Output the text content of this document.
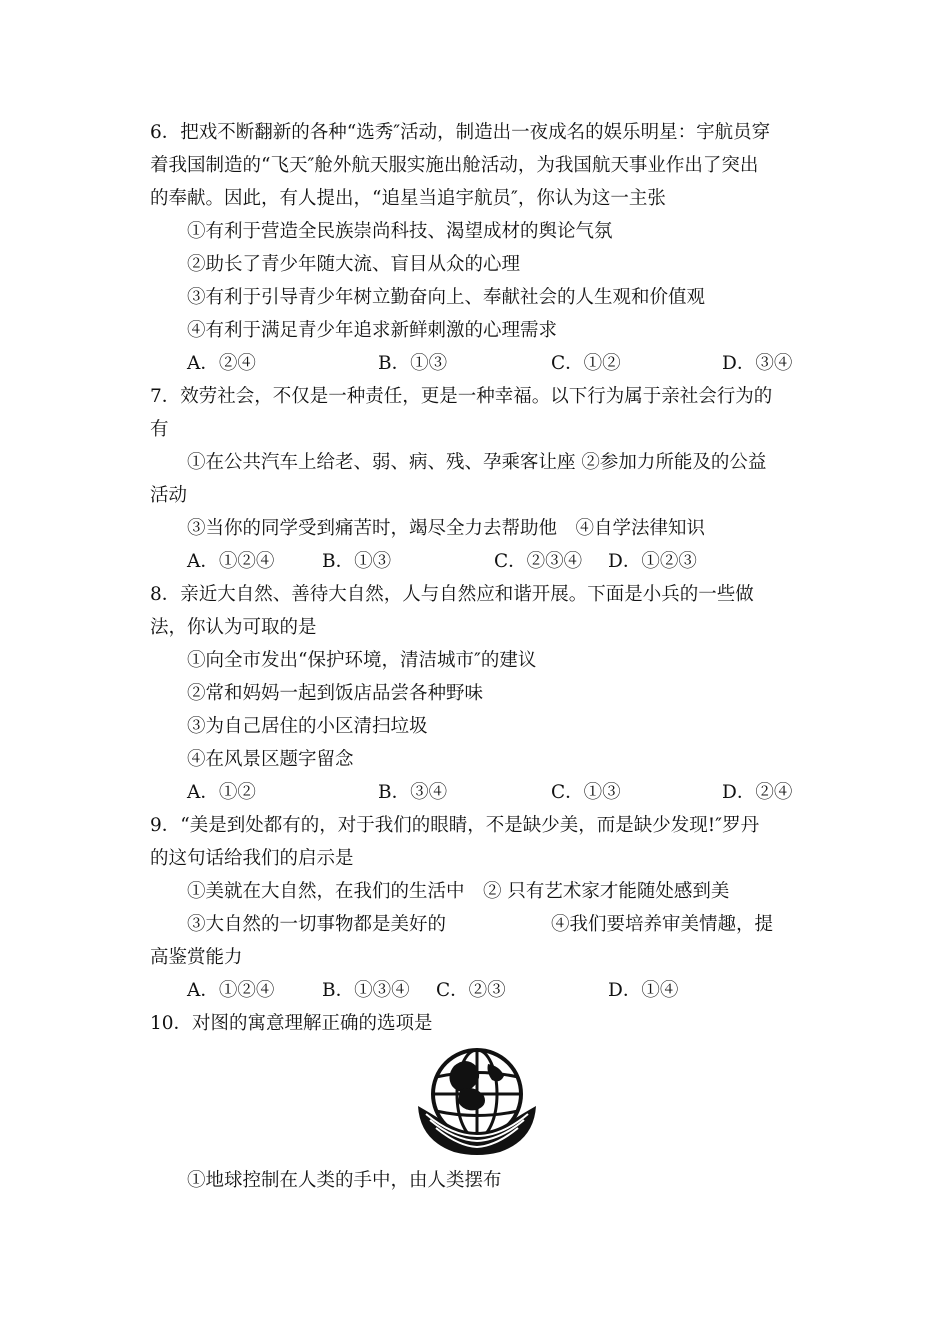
6．把戏不断翻新的各种“选秀″活动，制造出一夜成名的娱乐明星：宇航员穿
着我国制造的“飞天″舱外航天服实施出舱活动，为我国航天事业作出了突出
的奉献。因此，有人提出，“追星当追宇航员″，你认为这一主张
①有利于营造全民族崇尚科技、渴望成材的舆论气氛
②助长了青少年随大流、盲目从众的心理
③有利于引导青少年树立勤奋向上、奉献社会的人生观和价值观
④有利于满足青少年追求新鲜刺激的心理需求
A．②④	B．①③	C．①②	D．③④
7．效劳社会，不仅是一种责任，更是一种幸福。以下行为属于亲社会行为的
有
①在公共汽车上给老、弱、病、残、孕乘客让座 ②参加力所能及的公益
活动
③当你的同学受到痛苦时，竭尽全力去帮助他　④自学法律知识
A．①②④	B．①③	C．②③④ D．①②③
8．亲近大自然、善待大自然，人与自然应和谐开展。下面是小兵的一些做
法，你认为可取的是
①向全市发出“保护环境，清洁城市″的建议
②常和妈妈一起到饭店品尝各种野味
③为自己居住的小区清扫垃圾
④在风景区题字留念
A．①②	B．③④	C．①③	D．②④
9．“美是到处都有的，对于我们的眼睛，不是缺少美，而是缺少发现!″罗丹
的这句话给我们的启示是
①美就在大自然，在我们的生活中　② 只有艺术家才能随处感到美
③大自然的一切事物都是美好的	④我们要培养审美情趣，提
高鉴赏能力
A．①②④	B．①③④ C．②③	D．①④
10．对图的寓意理解正确的选项是
①地球控制在人类的手中，由人类摆布
